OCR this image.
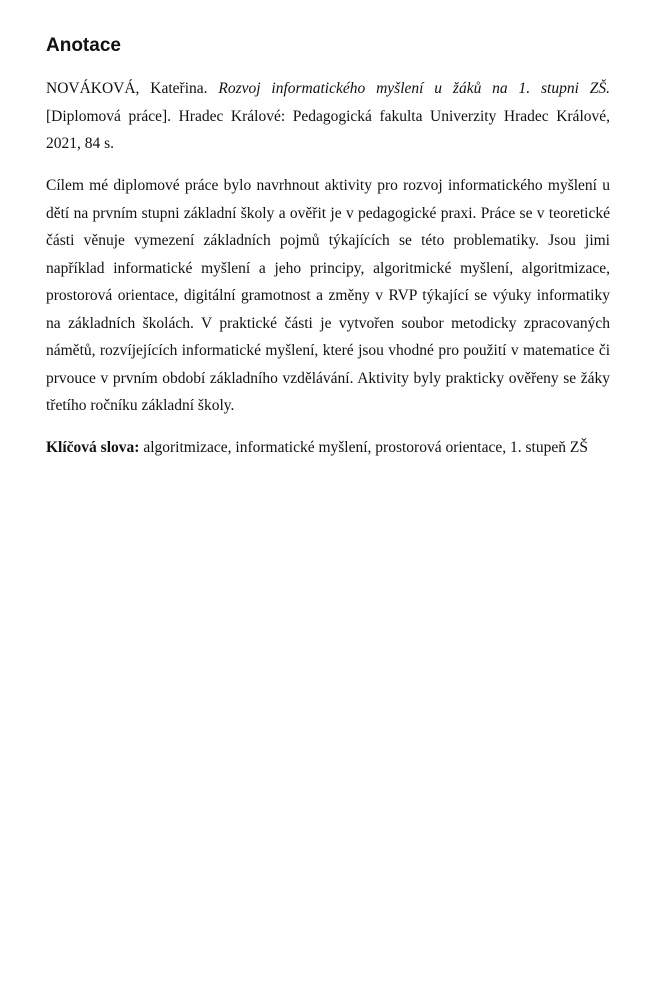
Anotace

NOVÁKOVÁ, Kateřina. Rozvoj informatického myšlení u žáků na 1. stupni ZŠ. [Diplomová práce]. Hradec Králové: Pedagogická fakulta Univerzity Hradec Králové, 2021, 84 s.

Cílem mé diplomové práce bylo navrhnout aktivity pro rozvoj informatického myšlení u dětí na prvním stupni základní školy a ověřit je v pedagogické praxi. Práce se v teoretické části věnuje vymezení základních pojmů týkajících se této problematiky. Jsou jimi například informatické myšlení a jeho principy, algoritmické myšlení, algoritmizace, prostorová orientace, digitální gramotnost a změny v RVP týkající se výuky informatiky na základních školách. V praktické části je vytvořen soubor metodicky zpracovaných námětů, rozvíjejících informatické myšlení, které jsou vhodné pro použití v matematice či prvouce v prvním období základního vzdělávání. Aktivity byly prakticky ověřeny se žáky třetího ročníku základní školy.

Klíčová slova: algoritmizace, informatické myšlení, prostorová orientace, 1. stupeň ZŠ
